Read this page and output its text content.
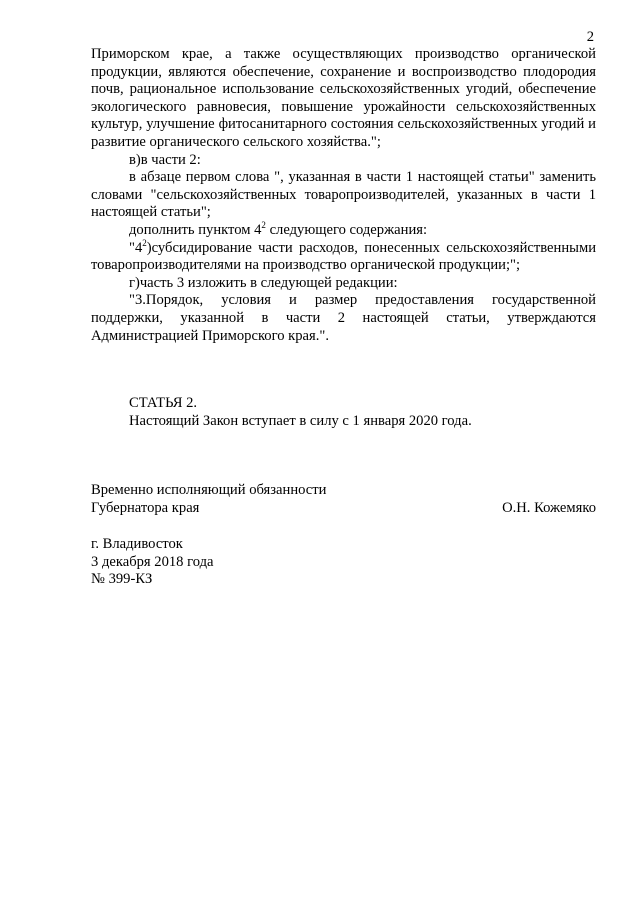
2

Приморском крае, а также осуществляющих производство органической продукции, являются обеспечение, сохранение и воспроизводство плодородия почв, рациональное использование сельскохозяйственных угодий, обеспечение экологического равновесия, повышение урожайности сельскохозяйственных культур, улучшение фитосанитарного состояния сельскохозяйственных угодий и развитие органического сельского хозяйства.";

в)в части 2:

в абзаце первом слова ", указанная в части 1 настоящей статьи" заменить словами "сельскохозяйственных товаропроизводителей, указанных в части 1 настоящей статьи";

дополнить пунктом $4^2$ следующего содержания:

"$4^2)субсидирование$ части расходов, понесенных сельскохозяйственными товаропроизводителями на производство органической продукции;";

г)часть 3 изложить в следующей редакции:

"3.Порядок, условия и размер предоставления государственной поддержки, указанной в части 2 настоящей статьи, утверждаются Администрацией Приморского края.".

СТАТЬЯ 2.

Настоящий Закон вступает в силу с 1 января 2020 года.

Временно исполняющий обязанности

Губернатора края	О.Н. Кожемяко

г. Владивосток

3 декабря 2018 года

№ 399-КЗ
